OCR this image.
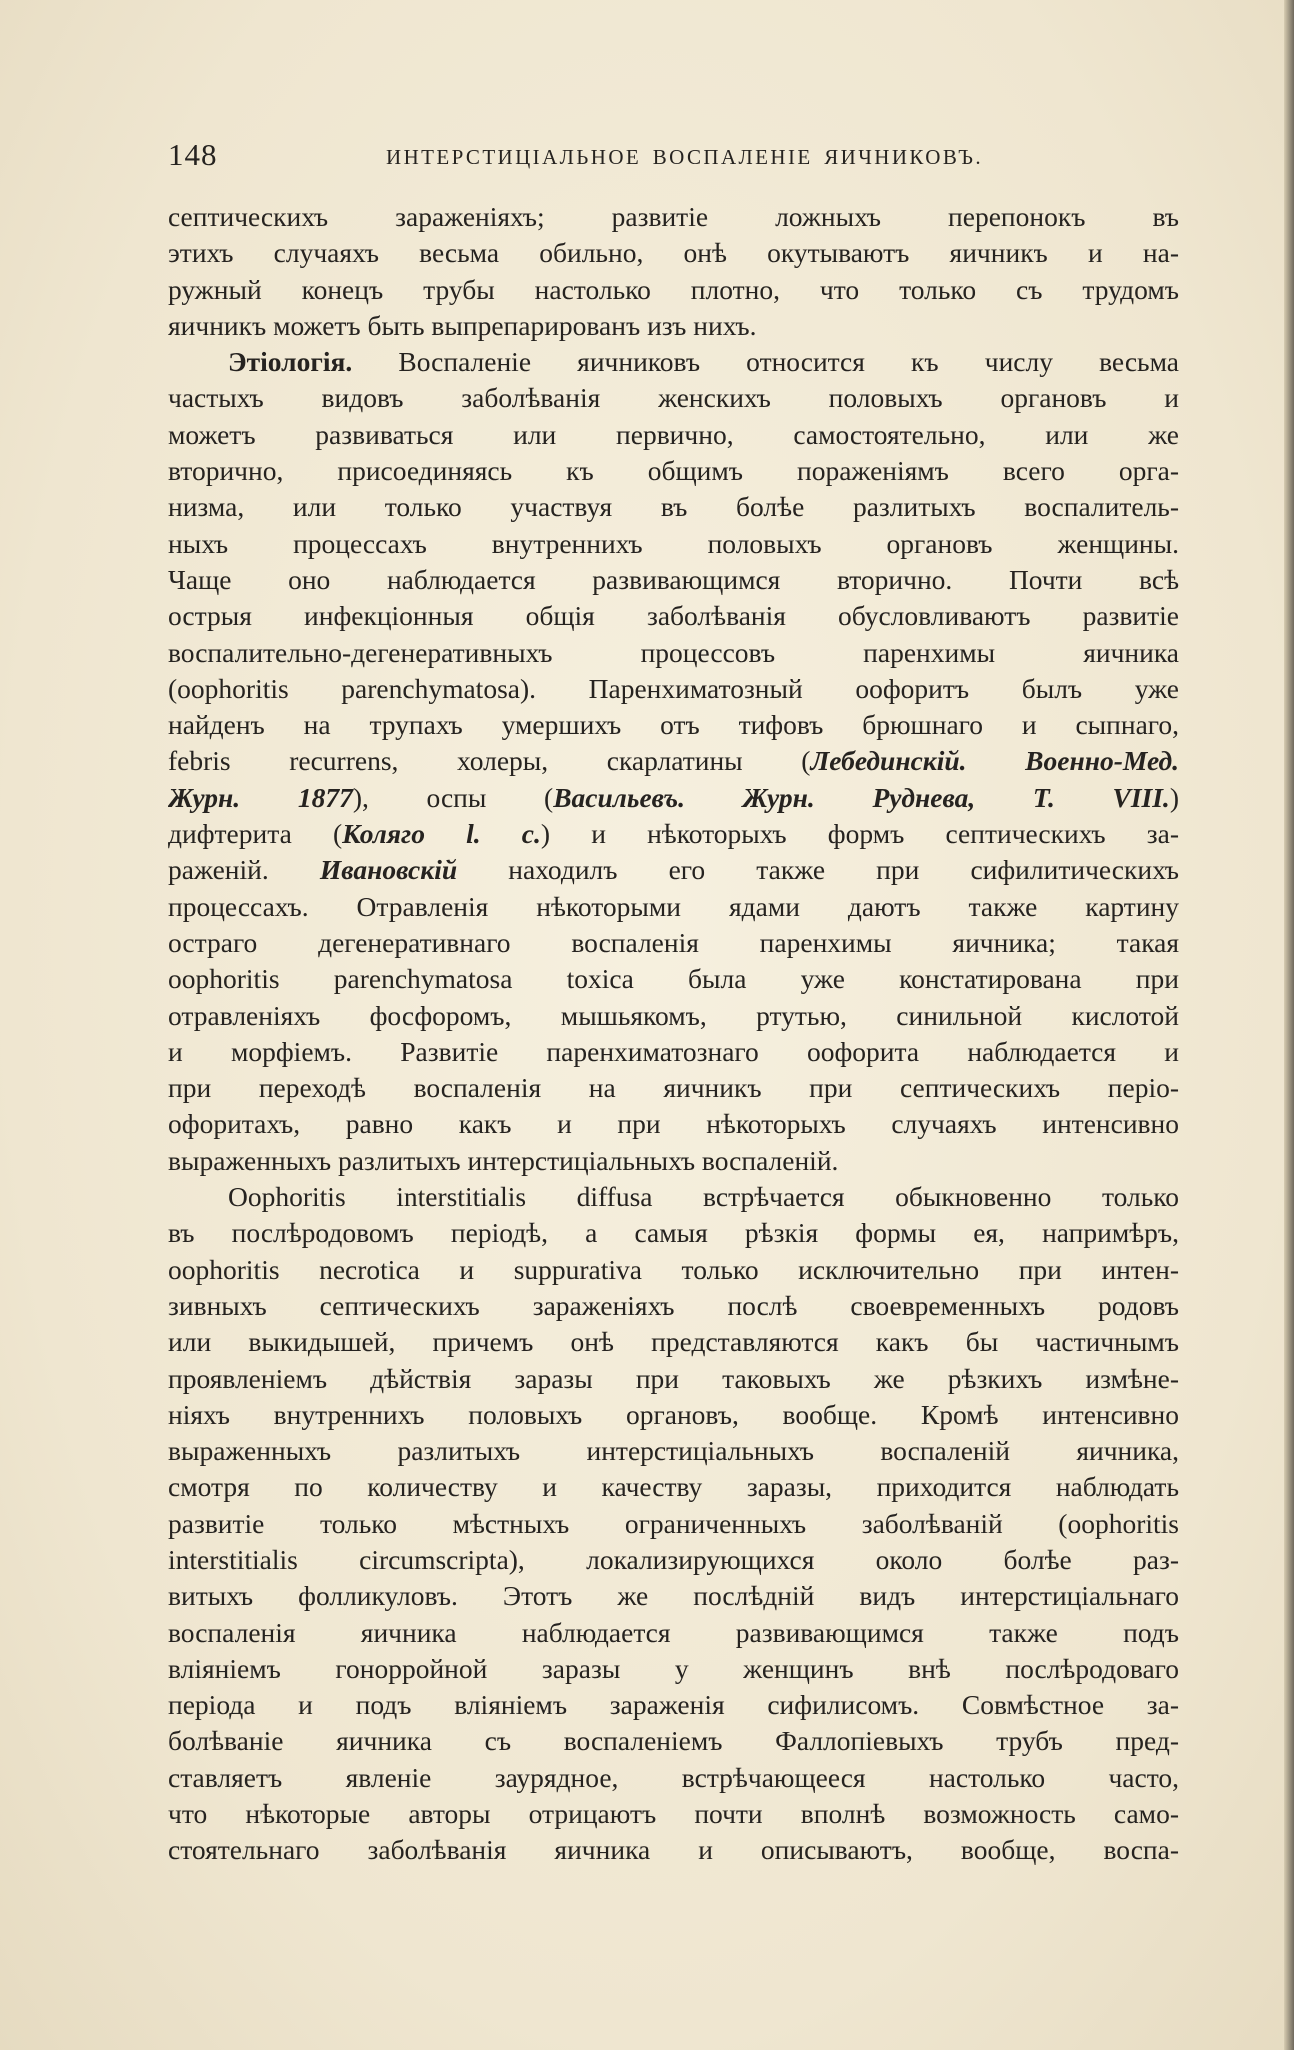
148	ИНТЕРСТИЦІАЛЬНОЕ ВОСПАЛЕНІЕ ЯИЧНИКОВЪ.
септическихъ зараженіяхъ; развитіе ложныхъ перепонокъ въ
этихъ случаяхъ весьма обильно, онѣ окутываютъ яичникъ и на-
ружный конецъ трубы настолько плотно, что только съ трудомъ
яичникъ можетъ быть выпрепарированъ изъ нихъ.
Этіологія. Воспаленіе яичниковъ относится къ числу весьма
частыхъ видовъ заболѣванія женскихъ половыхъ органовъ и
можетъ развиваться или первично, самостоятельно, или же
вторично, присоединяясь къ общимъ пораженіямъ всего орга-
низма, или только участвуя въ болѣе разлитыхъ воспалитель-
ныхъ процессахъ внутреннихъ половыхъ органовъ женщины.
Чаще оно наблюдается развивающимся вторично. Почти всѣ
острыя инфекціонныя общія заболѣванія обусловливаютъ развитіе
воспалительно-дегенеративныхъ процессовъ паренхимы яичника
(oophoritis parenchymatosa). Паренхиматозный оофоритъ былъ уже
найденъ на трупахъ умершихъ отъ тифовъ брюшнаго и сыпнаго,
febris recurrens, холеры, скарлатины (Лебединскій. Военно-Мед.
Журн. 1877), оспы (Васильевъ. Журн. Руднева, Т. VIII.)
дифтерита (Коляго l. c.) и нѣкоторыхъ формъ септическихъ за-
раженій. Ивановскій находилъ его также при сифилитическихъ
процессахъ. Отравленія нѣкоторыми ядами даютъ также картину
остраго дегенеративнаго воспаленія паренхимы яичника; такая
oophoritis parenchymatosa toxica была уже констатирована при
отравленіяхъ фосфоромъ, мышьякомъ, ртутью, синильной кислотой
и морфіемъ. Развитіе паренхиматознаго оофорита наблюдается и
при переходѣ воспаленія на яичникъ при септическихъ періо-
офоритахъ, равно какъ и при нѣкоторыхъ случаяхъ интенсивно
выраженныхъ разлитыхъ интерстиціальныхъ воспаленій.
Oophoritis interstitialis diffusa встрѣчается обыкновенно только
въ послѣродовомъ періодѣ, а самыя рѣзкія формы ея, напримѣръ,
oophoritis necrotica и suppurativa только исключительно при интен-
зивныхъ септическихъ зараженіяхъ послѣ своевременныхъ родовъ
или выкидышей, причемъ онѣ представляются какъ бы частичнымъ
проявленіемъ дѣйствія заразы при таковыхъ же рѣзкихъ измѣне-
ніяхъ внутреннихъ половыхъ органовъ, вообще. Кромѣ интенсивно
выраженныхъ разлитыхъ интерстиціальныхъ воспаленій яичника,
смотря по количеству и качеству заразы, приходится наблюдать
развитіе только мѣстныхъ ограниченныхъ заболѣваній (oophoritis
interstitialis circumscripta), локализирующихся около болѣе раз-
витыхъ фолликуловъ. Этотъ же послѣдній видъ интерстиціальнаго
воспаленія яичника наблюдается развивающимся также подъ
вліяніемъ гонорройной заразы у женщинъ внѣ послѣродоваго
періода и подъ вліяніемъ зараженія сифилисомъ. Совмѣстное за-
болѣваніе яичника съ воспаленіемъ Фаллопіевыхъ трубъ пред-
ставляетъ явленіе заурядное, встрѣчающееся настолько часто,
что нѣкоторые авторы отрицаютъ почти вполнѣ возможность само-
стоятельнаго заболѣванія яичника и описываютъ, вообще, воспа-
